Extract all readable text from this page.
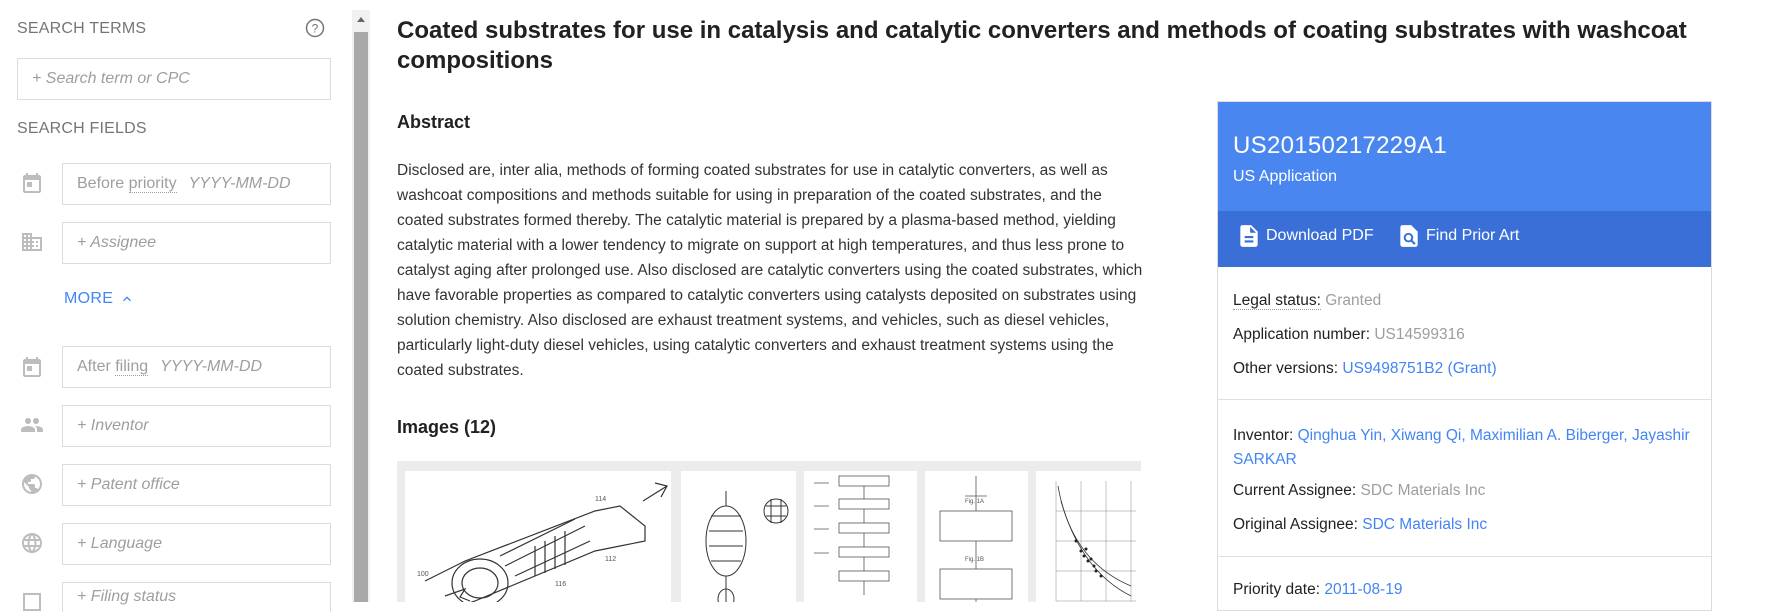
SEARCH TERMS	?
+ Search term or CPC
SEARCH FIELDS
Before priority YYYY-MM-DD
+ Assignee
MORE
After filing YYYY-MM-DD
+ Inventor
+ Patent office
+ Language
+ Filing status
Coated substrates for use in catalysis and catalytic converters and methods of coating substrates with washcoat compositions
Abstract

Disclosed are, inter alia, methods of forming coated substrates for use in catalytic converters, as well as washcoat compositions and methods suitable for using in preparation of the coated substrates, and the coated substrates formed thereby. The catalytic material is prepared by a plasma-based method, yielding catalytic material with a lower tendency to migrate on support at high temperatures, and thus less prone to catalyst aging after prolonged use. Also disclosed are catalytic converters using the coated substrates, which have favorable properties as compared to catalytic converters using catalysts deposited on substrates using solution chemistry. Also disclosed are exhaust treatment systems, and vehicles, such as diesel vehicles, particularly light-duty diesel vehicles, using catalytic converters and exhaust treatment systems using the coated substrates.

Images (12)
100
114
112
116
Fig. 1A
Fig. 1B
US20150217229A1
US Application
Download PDF	Find Prior Art
Legal status: Granted
Application number: US14599316
Other versions: US9498751B2 (Grant)
Inventor: Qinghua Yin, Xiwang Qi, Maximilian A. Biberger, Jayashir SARKAR
Current Assignee: SDC Materials Inc
Original Assignee: SDC Materials Inc
Priority date: 2011-08-19
